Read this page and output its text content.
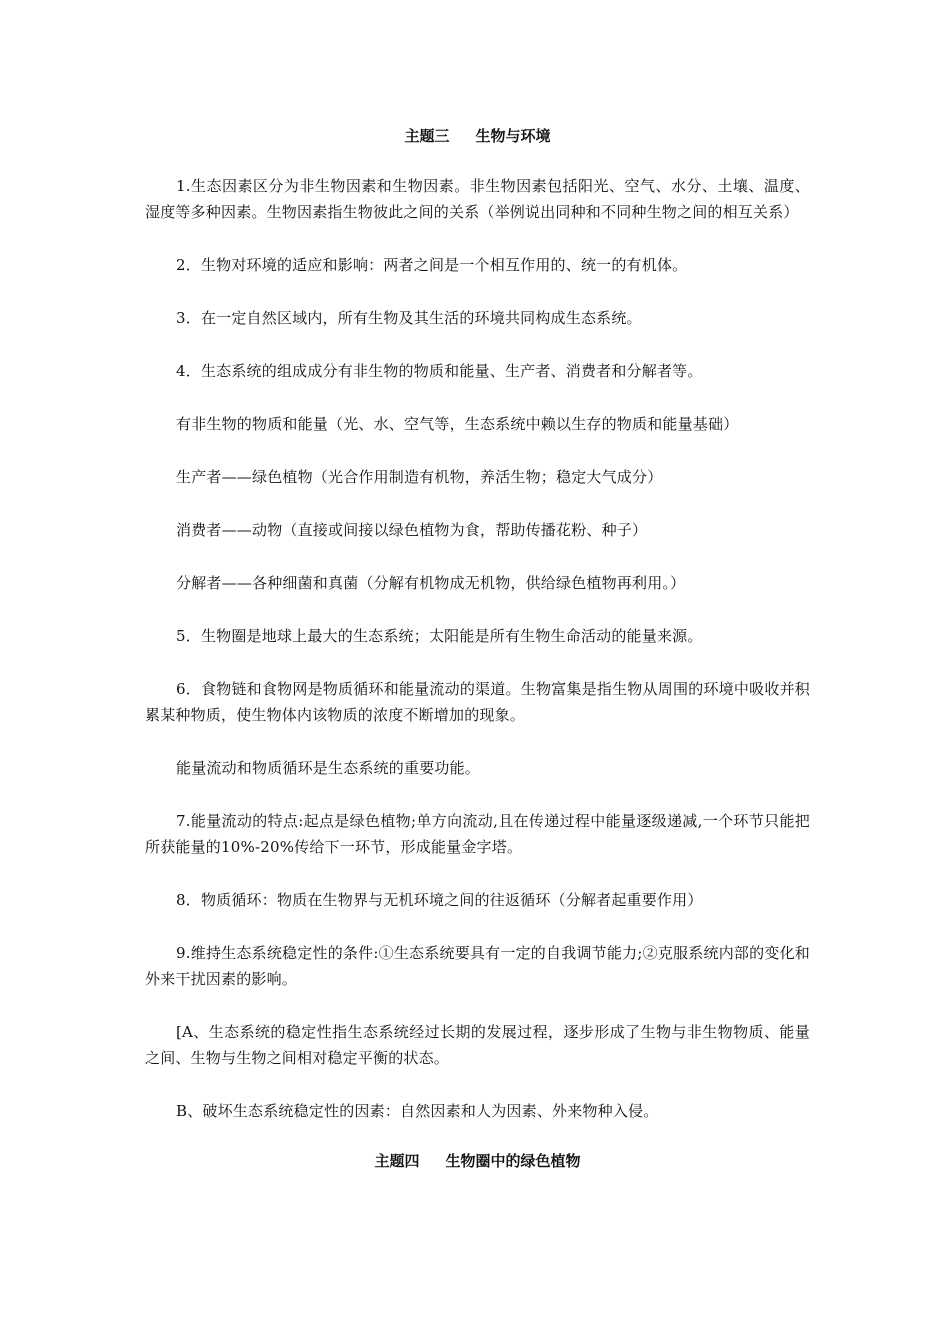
主题三 生物与环境

1.生态因素区分为非生物因素和生物因素。非生物因素包括阳光、空气、水分、土壤、温度、湿度等多种因素。生物因素指生物彼此之间的关系（举例说出同种和不同种生物之间的相互关系）

2．生物对环境的适应和影响：两者之间是一个相互作用的、统一的有机体。

3．在一定自然区域内，所有生物及其生活的环境共同构成生态系统。

4．生态系统的组成成分有非生物的物质和能量、生产者、消费者和分解者等。

有非生物的物质和能量（光、水、空气等，生态系统中赖以生存的物质和能量基础）

生产者——绿色植物（光合作用制造有机物，养活生物；稳定大气成分）

消费者——动物（直接或间接以绿色植物为食，帮助传播花粉、种子）

分解者——各种细菌和真菌（分解有机物成无机物，供给绿色植物再利用。）

5．生物圈是地球上最大的生态系统；太阳能是所有生物生命活动的能量来源。

6．食物链和食物网是物质循环和能量流动的渠道。生物富集是指生物从周围的环境中吸收并积累某种物质，使生物体内该物质的浓度不断增加的现象。

能量流动和物质循环是生态系统的重要功能。

7.能量流动的特点:起点是绿色植物;单方向流动,且在传递过程中能量逐级递减,一个环节只能把所获能量的10%-20%传给下一环节，形成能量金字塔。

8．物质循环：物质在生物界与无机环境之间的往返循环（分解者起重要作用）

9.维持生态系统稳定性的条件:①生态系统要具有一定的自我调节能力;②克服系统内部的变化和外来干扰因素的影响。

[A、生态系统的稳定性指生态系统经过长期的发展过程，逐步形成了生物与非生物物质、能量之间、生物与生物之间相对稳定平衡的状态。

B、破坏生态系统稳定性的因素：自然因素和人为因素、外来物种入侵。

主题四 生物圈中的绿色植物
